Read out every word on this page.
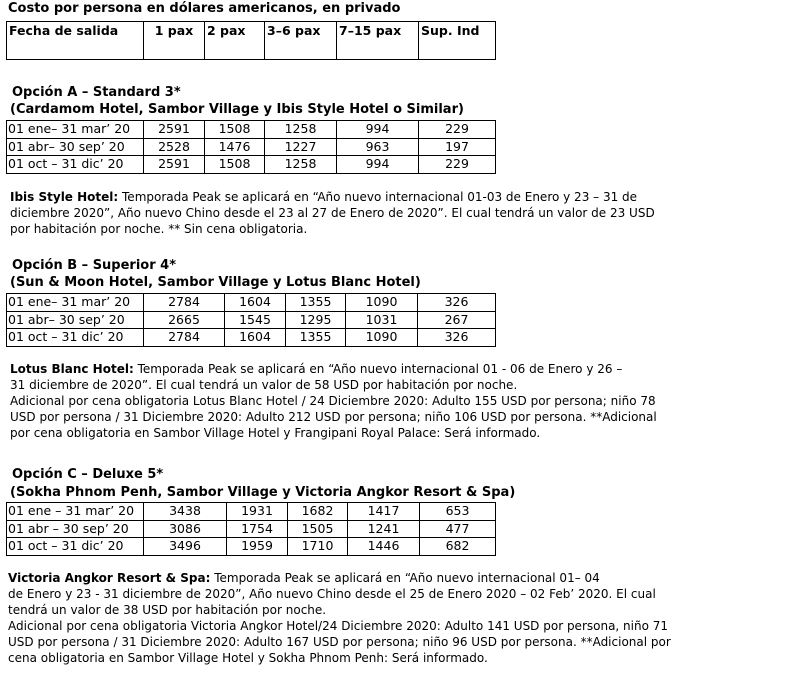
Costo por persona en dólares americanos, en privado
Fecha de salida	1 pax	2 pax	3–6 pax	7–15 pax	Sup. Ind
Opción A – Standard 3*
(Cardamom Hotel, Sambor Village y Ibis Style Hotel o Similar)
01 ene– 31 mar’ 20	2591	1508	1258	994	229
01 abr– 30 sep’ 20	2528	1476	1227	963	197
01 oct – 31 dic’ 20	2591	1508	1258	994	229
Ibis Style Hotel: Temporada Peak se aplicará en “Año nuevo internacional 01-03 de Enero y 23 – 31 de
diciembre 2020”, Año nuevo Chino desde el 23 al 27 de Enero de 2020”. El cual tendrá un valor de 23 USD
por habitación por noche. ** Sin cena obligatoria.
Opción B – Superior 4*
(Sun & Moon Hotel, Sambor Village y Lotus Blanc Hotel)
01 ene– 31 mar’ 20	2784	1604	1355	1090	326
01 abr– 30 sep’ 20	2665	1545	1295	1031	267
01 oct – 31 dic’ 20	2784	1604	1355	1090	326
Lotus Blanc Hotel: Temporada Peak se aplicará en “Año nuevo internacional 01 - 06 de Enero y 26 –
31 diciembre de 2020”. El cual tendrá un valor de 58 USD por habitación por noche.
Adicional por cena obligatoria Lotus Blanc Hotel / 24 Diciembre 2020: Adulto 155 USD por persona; niño 78
USD por persona / 31 Diciembre 2020: Adulto 212 USD por persona; niño 106 USD por persona. **Adicional
por cena obligatoria en Sambor Village Hotel y Frangipani Royal Palace: Será informado.
Opción C – Deluxe 5*
(Sokha Phnom Penh, Sambor Village y Victoria Angkor Resort & Spa)
01 ene – 31 mar’ 20	3438	1931	1682	1417	653
01 abr – 30 sep’ 20	3086	1754	1505	1241	477
01 oct – 31 dic’ 20	3496	1959	1710	1446	682
Victoria Angkor Resort & Spa: Temporada Peak se aplicará en “Año nuevo internacional 01– 04
de Enero y 23 - 31 diciembre de 2020”, Año nuevo Chino desde el 25 de Enero 2020 – 02 Feb’ 2020. El cual
tendrá un valor de 38 USD por habitación por noche.
Adicional por cena obligatoria Victoria Angkor Hotel/24 Diciembre 2020: Adulto 141 USD por persona, niño 71
USD por persona / 31 Diciembre 2020: Adulto 167 USD por persona; niño 96 USD por persona. **Adicional por
cena obligatoria en Sambor Village Hotel y Sokha Phnom Penh: Será informado.
